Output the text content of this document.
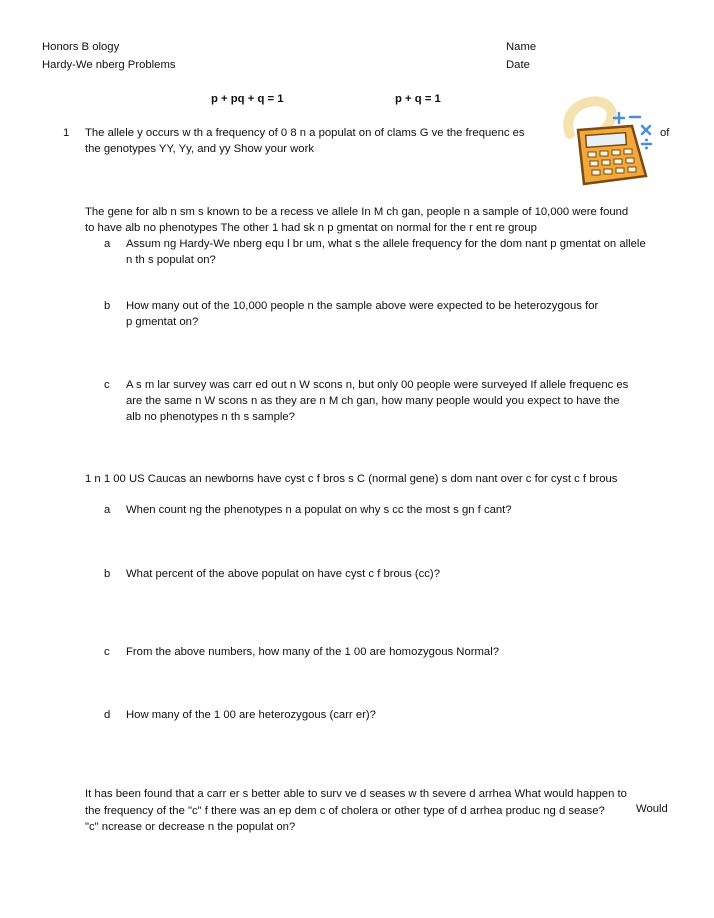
Honors B ology
Hardy-We nberg Problems
Name
Date
p + pq + q = 1	p + q = 1
1 The allele y occurs w th a frequency of 0 8 n a populat on of clams G ve the frequenc es	of
the genotypes YY, Yy, and yy Show your work
The gene for alb n sm s known to be a recess ve allele In M ch gan, people n a sample of 10,000 were found
to have alb no phenotypes The other 1 had sk n p gmentat on normal for the r ent re group
a Assum ng Hardy-We nberg equ l br um, what s the allele frequency for the dom nant p gmentat on allele
n th s populat on?
b How many out of the 10,000 people n the sample above were expected to be heterozygous for
p gmentat on?
c A s m lar survey was carr ed out n W scons n, but only 00 people were surveyed If allele frequenc es
are the same n W scons n as they are n M ch gan, how many people would you expect to have the
alb no phenotypes n th s sample?
1 n 1 00 US Caucas an newborns have cyst c f bros s C (normal gene) s dom nant over c for cyst c f brous
a When count ng the phenotypes n a populat on why s cc the most s gn f cant?
b What percent of the above populat on have cyst c f brous (cc)?
c From the above numbers, how many of the 1 00 are homozygous Normal?
d How many of the 1 00 are heterozygous (carr er)?
It has been found that a carr er s better able to surv ve d seases w th severe d arrhea What would happen to
the frequency of the "c" f there was an ep dem c of cholera or other type of d arrhea produc ng d sease?	Would
"c" ncrease or decrease n the populat on?
